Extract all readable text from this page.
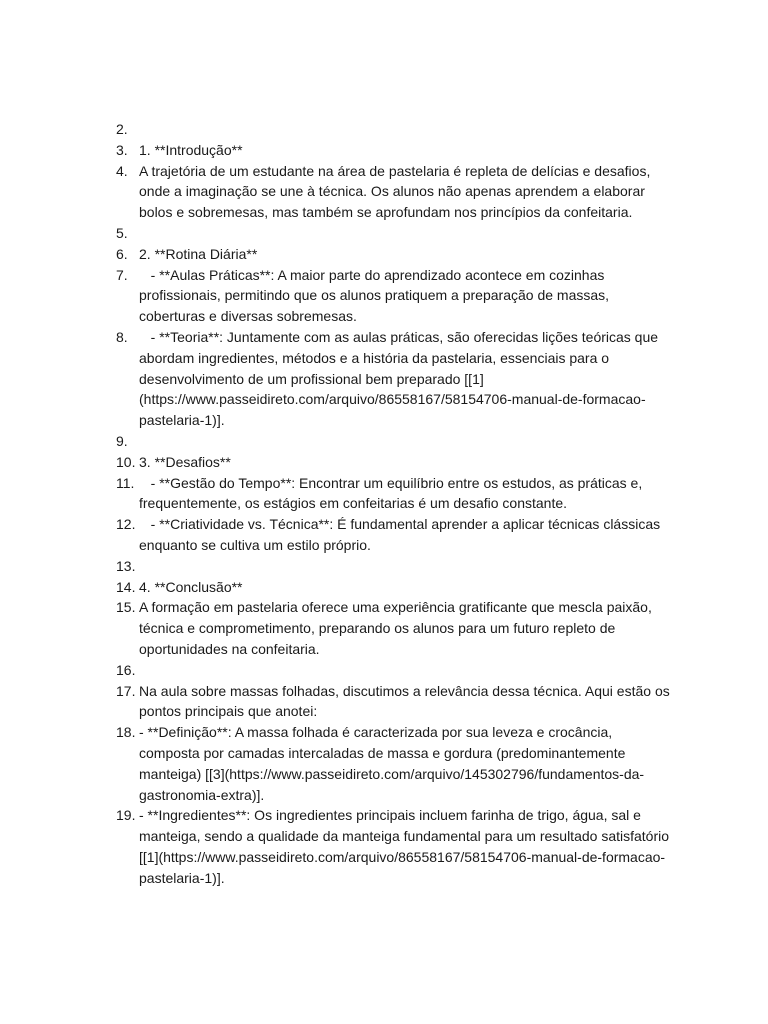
2.
3. 1. **Introdução**
4. A trajetória de um estudante na área de pastelaria é repleta de delícias e desafios, onde a imaginação se une à técnica. Os alunos não apenas aprendem a elaborar bolos e sobremesas, mas também se aprofundam nos princípios da confeitaria.
5.
6. 2. **Rotina Diária**
7. - **Aulas Práticas**: A maior parte do aprendizado acontece em cozinhas profissionais, permitindo que os alunos pratiquem a preparação de massas, coberturas e diversas sobremesas.
8. - **Teoria**: Juntamente com as aulas práticas, são oferecidas lições teóricas que abordam ingredientes, métodos e a história da pastelaria, essenciais para o desenvolvimento de um profissional bem preparado [[1](https://www.passeidireto.com/arquivo/86558167/58154706-manual-de-formacao-pastelaria-1)].
9.
10. 3. **Desafios**
11. - **Gestão do Tempo**: Encontrar um equilíbrio entre os estudos, as práticas e, frequentemente, os estágios em confeitarias é um desafio constante.
12. - **Criatividade vs. Técnica**: É fundamental aprender a aplicar técnicas clássicas enquanto se cultiva um estilo próprio.
13.
14. 4. **Conclusão**
15. A formação em pastelaria oferece uma experiência gratificante que mescla paixão, técnica e comprometimento, preparando os alunos para um futuro repleto de oportunidades na confeitaria.
16.
17. Na aula sobre massas folhadas, discutimos a relevância dessa técnica. Aqui estão os pontos principais que anotei:
18. - **Definição**: A massa folhada é caracterizada por sua leveza e crocância, composta por camadas intercaladas de massa e gordura (predominantemente manteiga) [[3](https://www.passeidireto.com/arquivo/145302796/fundamentos-da-gastronomia-extra)].
19. - **Ingredientes**: Os ingredientes principais incluem farinha de trigo, água, sal e manteiga, sendo a qualidade da manteiga fundamental para um resultado satisfatório [[1](https://www.passeidireto.com/arquivo/86558167/58154706-manual-de-formacao-pastelaria-1)].
